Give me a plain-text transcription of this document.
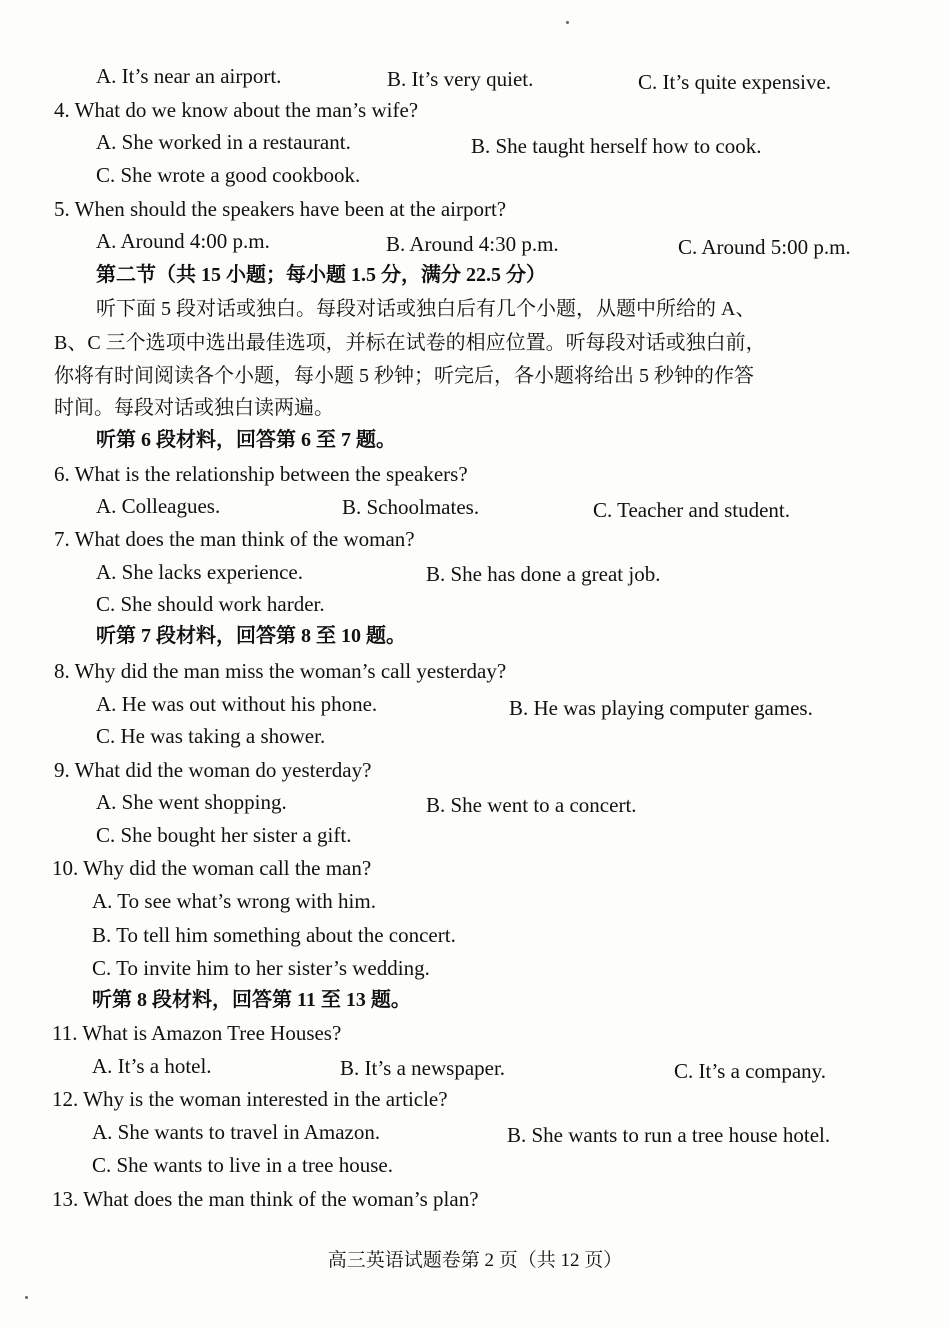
A. It’s near an airport.	B. It’s very quiet.	C. It’s quite expensive.
4. What do we know about the man’s wife?
A. She worked in a restaurant.	B. She taught herself how to cook.
C. She wrote a good cookbook.
5. When should the speakers have been at the airport?
A. Around 4:00 p.m.	B. Around 4:30 p.m.	C. Around 5:00 p.m.
第二节（共 15 小题；每小题 1.5 分，满分 22.5 分）
听下面 5 段对话或独白。每段对话或独白后有几个小题，从题中所给的 A、
B、C 三个选项中选出最佳选项，并标在试卷的相应位置。听每段对话或独白前，
你将有时间阅读各个小题，每小题 5 秒钟；听完后，各小题将给出 5 秒钟的作答
时间。每段对话或独白读两遍。
听第 6 段材料，回答第 6 至 7 题。
6. What is the relationship between the speakers?
A. Colleagues.	B. Schoolmates.	C. Teacher and student.
7. What does the man think of the woman?
A. She lacks experience.	B. She has done a great job.
C. She should work harder.
听第 7 段材料，回答第 8 至 10 题。
8. Why did the man miss the woman’s call yesterday?
A. He was out without his phone.	B. He was playing computer games.
C. He was taking a shower.
9. What did the woman do yesterday?
A. She went shopping.	B. She went to a concert.
C. She bought her sister a gift.
10. Why did the woman call the man?
A. To see what’s wrong with him.
B. To tell him something about the concert.
C. To invite him to her sister’s wedding.
听第 8 段材料，回答第 11 至 13 题。
11. What is Amazon Tree Houses?
A. It’s a hotel.	B. It’s a newspaper.	C. It’s a company.
12. Why is the woman interested in the article?
A. She wants to travel in Amazon.	B. She wants to run a tree house hotel.
C. She wants to live in a tree house.
13. What does the man think of the woman’s plan?
高三英语试题卷第 2 页（共 12 页）
